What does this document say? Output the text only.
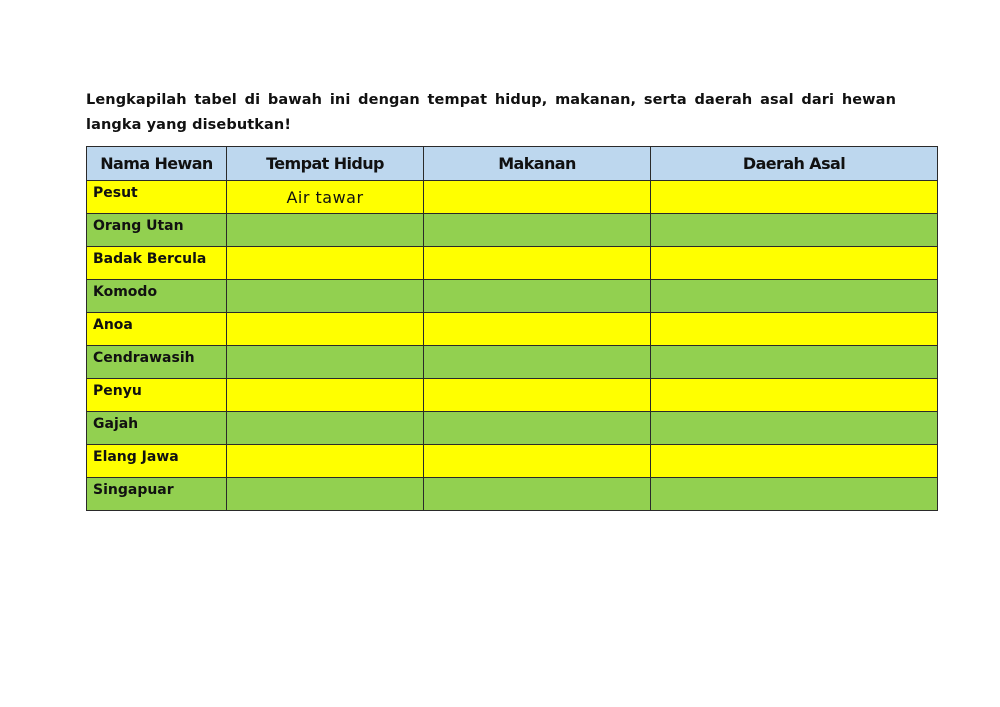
Lengkapilah tabel di bawah ini dengan tempat hidup, makanan, serta daerah asal dari hewan langka yang disebutkan!
Nama Hewan	Tempat Hidup	Makanan	Daerah Asal
Pesut	Air tawar		
Orang Utan			
Badak Bercula			
Komodo			
Anoa			
Cendrawasih			
Penyu			
Gajah			
Elang Jawa			
Singapuar			
